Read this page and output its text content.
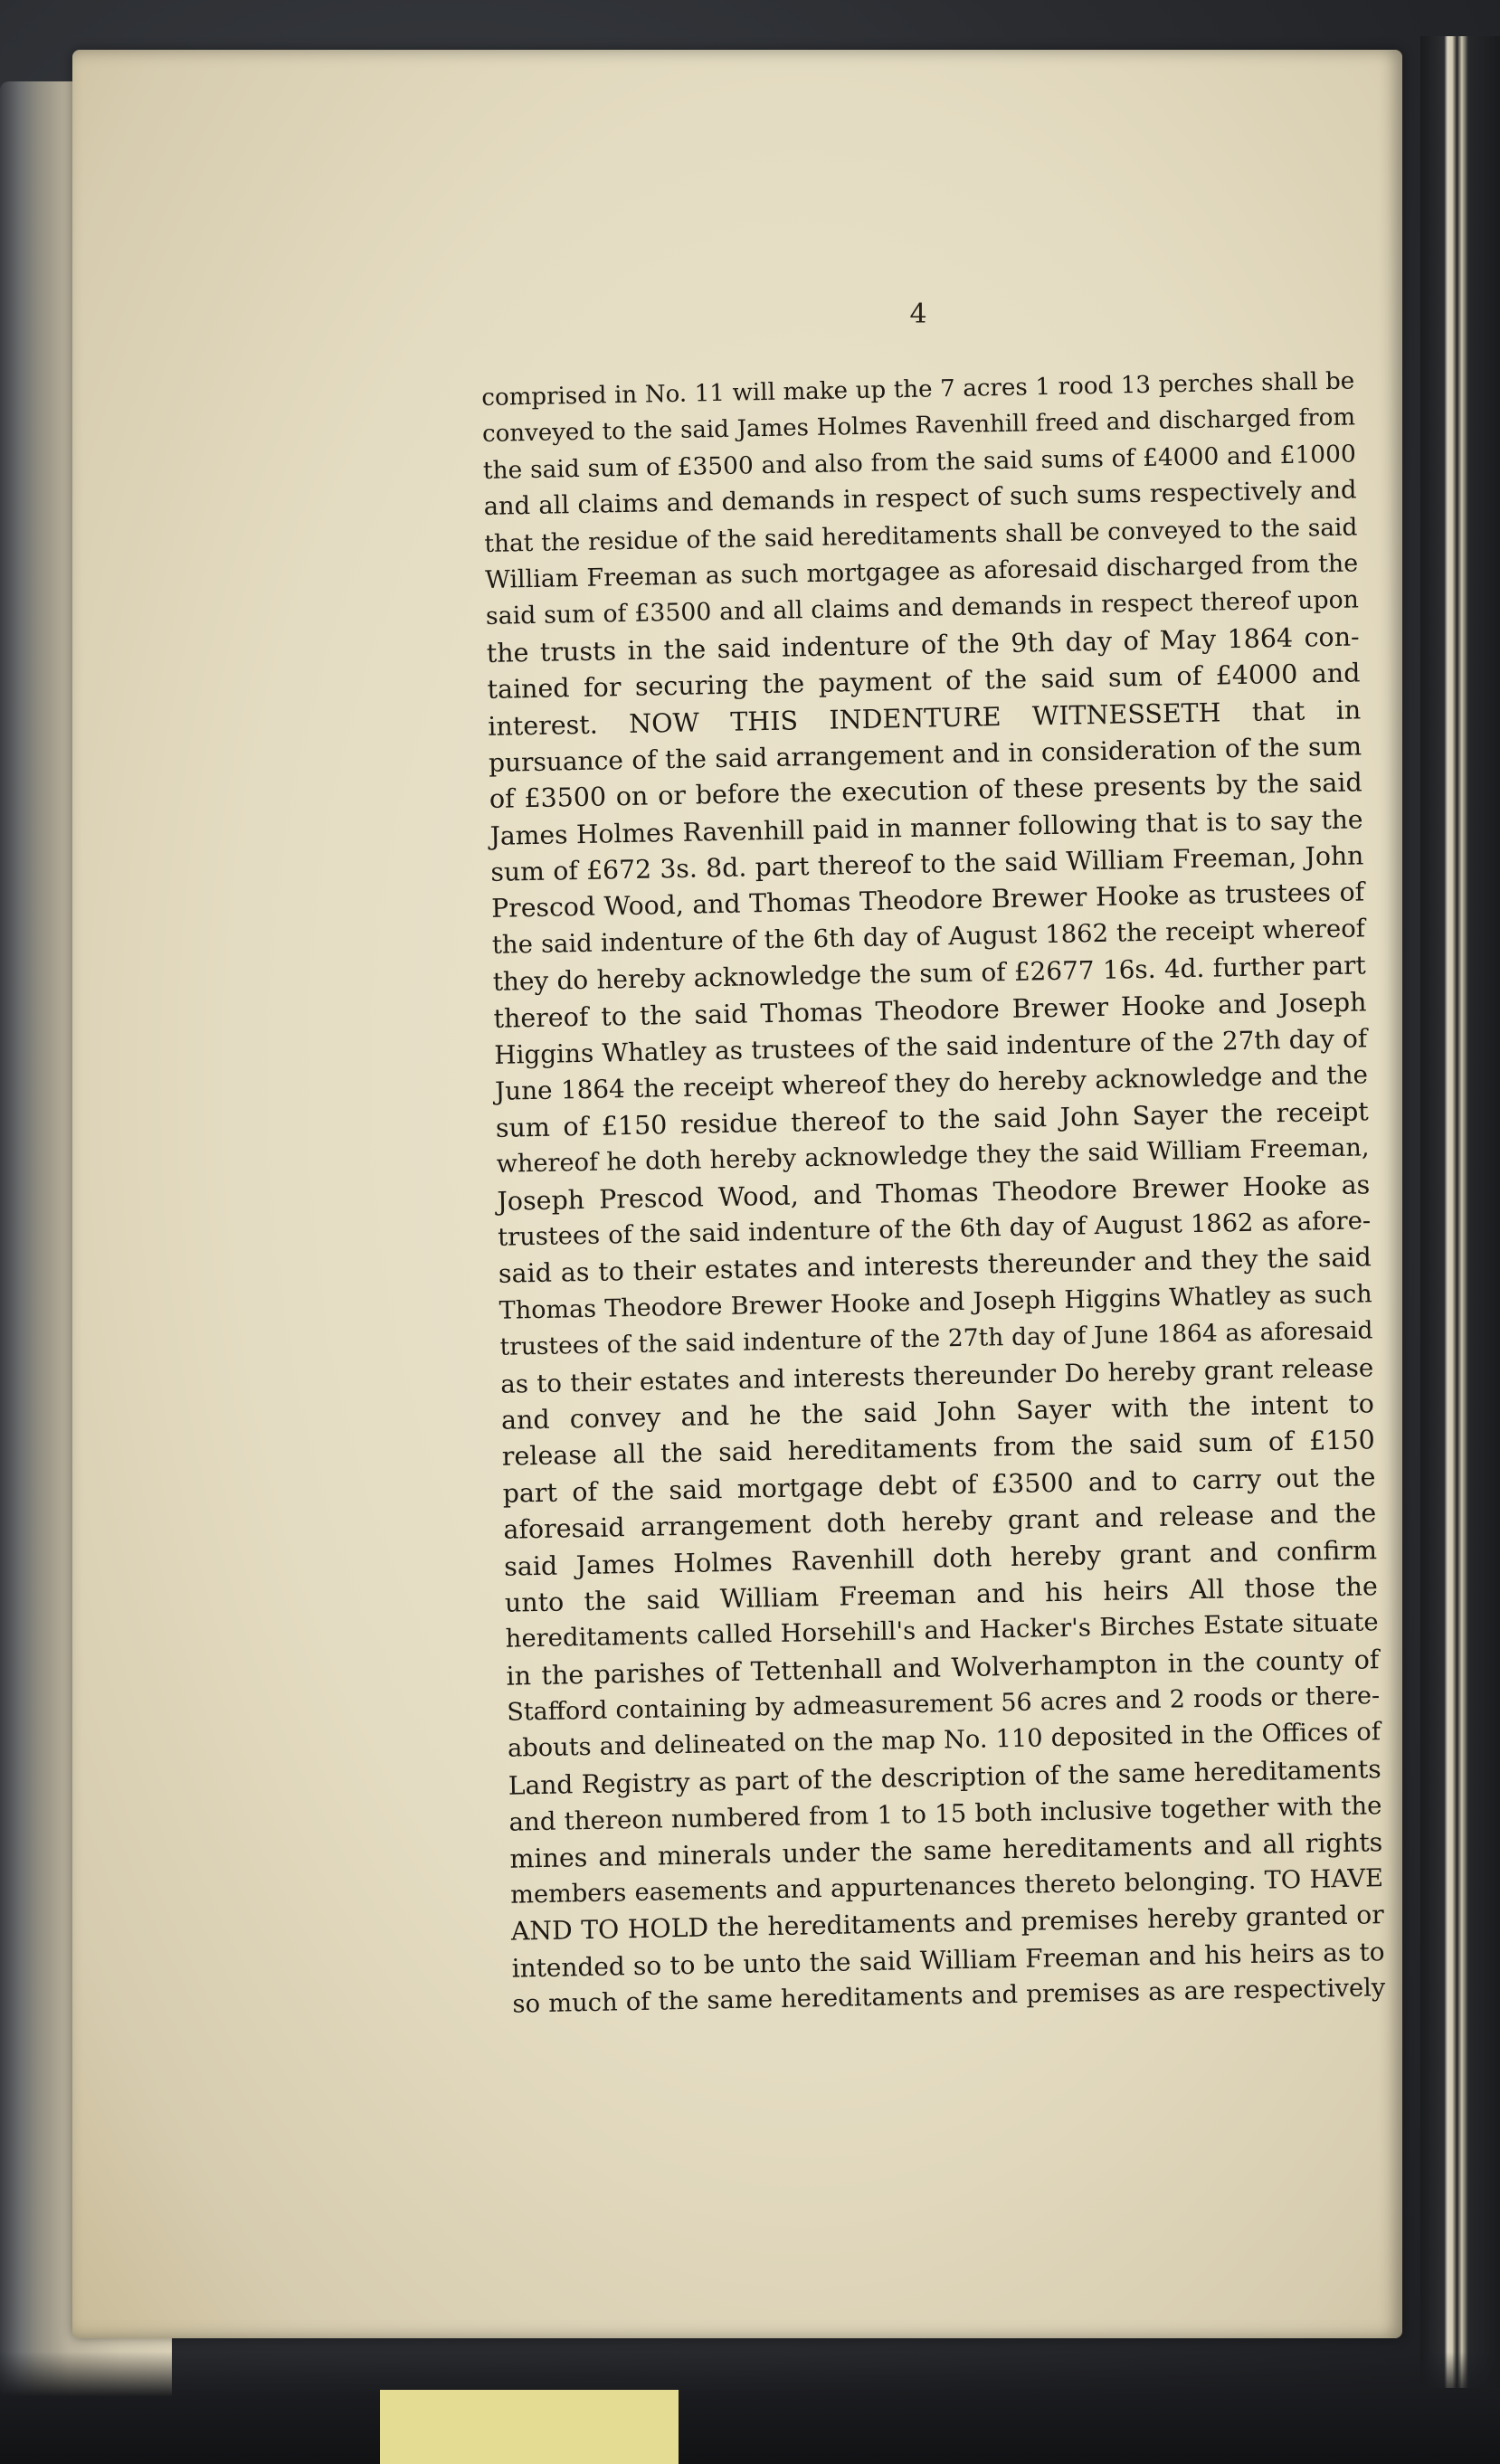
4
comprised in No. 11 will make up the 7 acres 1 rood 13 perches shall be
conveyed to the said James Holmes Ravenhill freed and discharged from
the said sum of £3500 and also from the said sums of £4000 and £1000
and all claims and demands in respect of such sums respectively and
that the residue of the said hereditaments shall be conveyed to the said
William Freeman as such mortgagee as aforesaid discharged from the
said sum of £3500 and all claims and demands in respect thereof upon
the trusts in the said indenture of the 9th day of May 1864 con-
tained for securing the payment of the said sum of £4000 and
interest. NOW THIS INDENTURE WITNESSETH that in
pursuance of the said arrangement and in consideration of the sum
of £3500 on or before the execution of these presents by the said
James Holmes Ravenhill paid in manner following that is to say the
sum of £672 3s. 8d. part thereof to the said William Freeman, John
Prescod Wood, and Thomas Theodore Brewer Hooke as trustees of
the said indenture of the 6th day of August 1862 the receipt whereof
they do hereby acknowledge the sum of £2677 16s. 4d. further part
thereof to the said Thomas Theodore Brewer Hooke and Joseph
Higgins Whatley as trustees of the said indenture of the 27th day of
June 1864 the receipt whereof they do hereby acknowledge and the
sum of £150 residue thereof to the said John Sayer the receipt
whereof he doth hereby acknowledge they the said William Freeman,
Joseph Prescod Wood, and Thomas Theodore Brewer Hooke as
trustees of the said indenture of the 6th day of August 1862 as afore-
said as to their estates and interests thereunder and they the said
Thomas Theodore Brewer Hooke and Joseph Higgins Whatley as such
trustees of the said indenture of the 27th day of June 1864 as aforesaid
as to their estates and interests thereunder Do hereby grant release
and convey and he the said John Sayer with the intent to
release all the said hereditaments from the said sum of £150
part of the said mortgage debt of £3500 and to carry out the
aforesaid arrangement doth hereby grant and release and the
said James Holmes Ravenhill doth hereby grant and confirm
unto the said William Freeman and his heirs All those the
hereditaments called Horsehill's and Hacker's Birches Estate situate
in the parishes of Tettenhall and Wolverhampton in the county of
Stafford containing by admeasurement 56 acres and 2 roods or there-
abouts and delineated on the map No. 110 deposited in the Offices of
Land Registry as part of the description of the same hereditaments
and thereon numbered from 1 to 15 both inclusive together with the
mines and minerals under the same hereditaments and all rights
members easements and appurtenances thereto belonging. TO HAVE
AND TO HOLD the hereditaments and premises hereby granted or
intended so to be unto the said William Freeman and his heirs as to
so much of the same hereditaments and premises as are respectively
